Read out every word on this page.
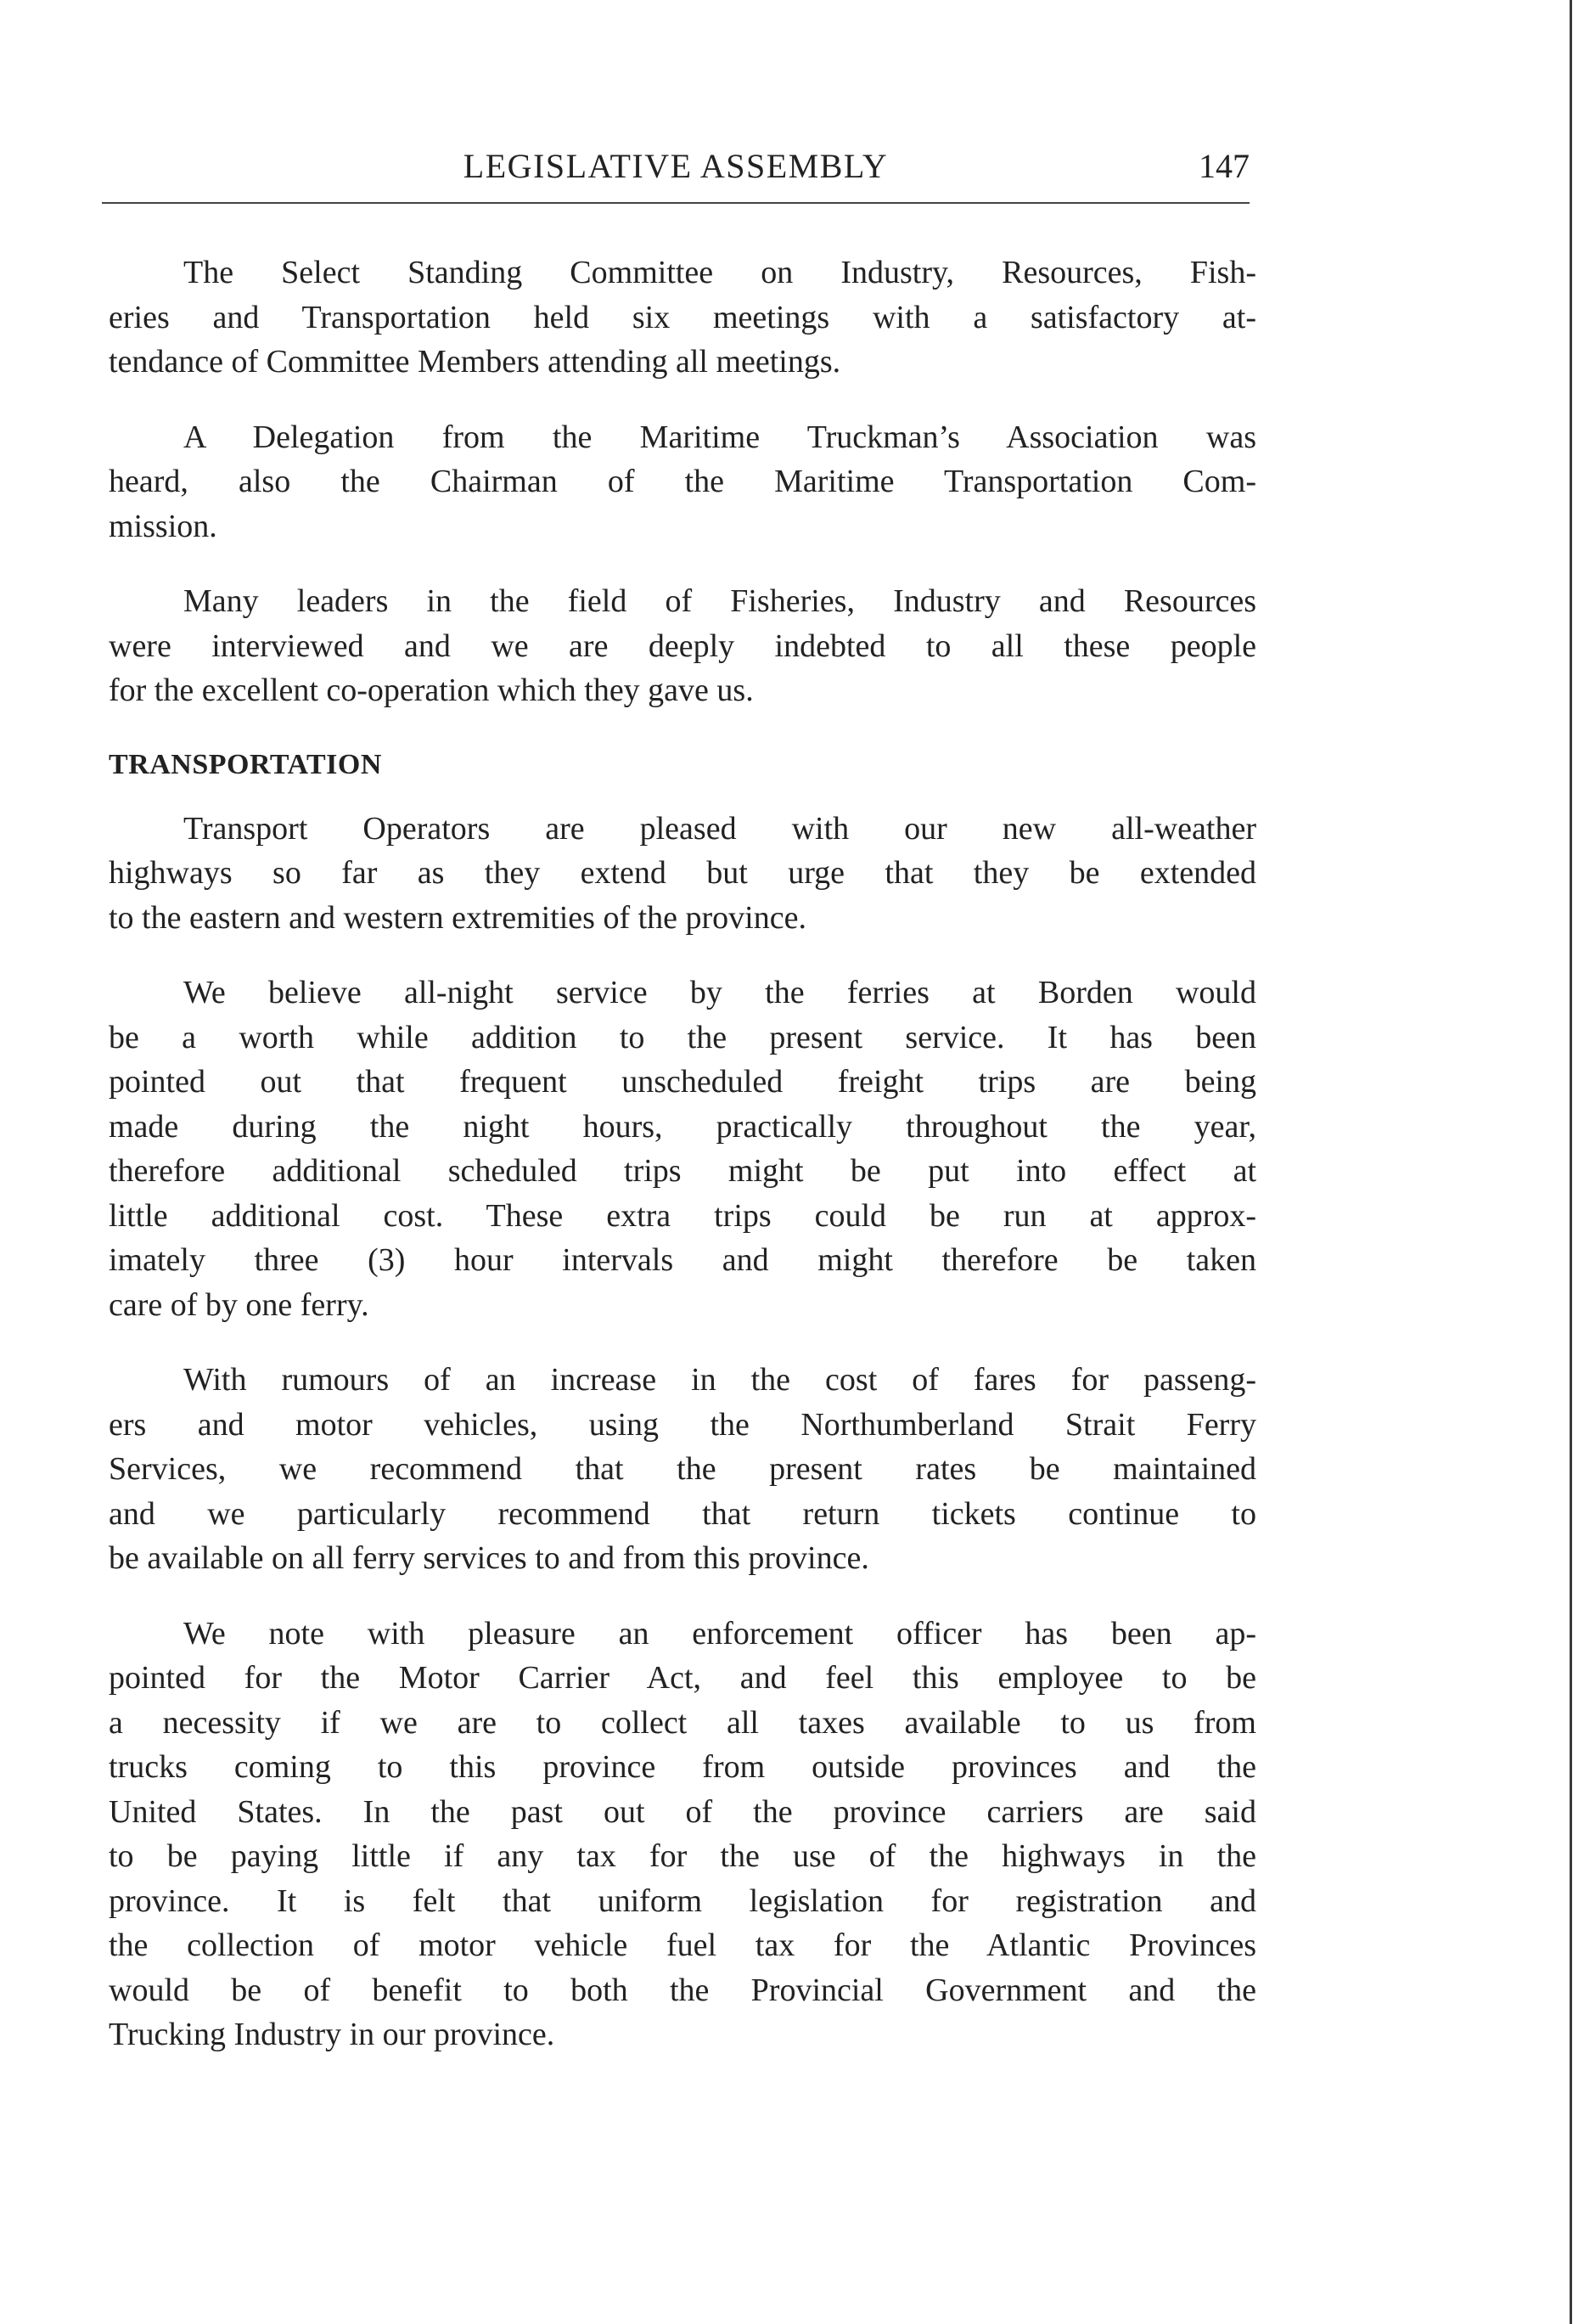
LEGISLATIVE ASSEMBLY	147
The Select Standing Committee on Industry, Resources, Fish-
eries and Transportation held six meetings with a satisfactory at-
tendance of Committee Members attending all meetings.
A Delegation from the Maritime Truckman’s Association was
heard, also the Chairman of the Maritime Transportation Com-
mission.
Many leaders in the field of Fisheries, Industry and Resources
were interviewed and we are deeply indebted to all these people
for the excellent co-operation which they gave us.
TRANSPORTATION
Transport Operators are pleased with our new all-weather
highways so far as they extend but urge that they be extended
to the eastern and western extremities of the province.
We believe all-night service by the ferries at Borden would
be a worth while addition to the present service. It has been
pointed out that frequent unscheduled freight trips are being
made during the night hours, practically throughout the year,
therefore additional scheduled trips might be put into effect at
little additional cost. These extra trips could be run at approx-
imately three (3) hour intervals and might therefore be taken
care of by one ferry.
With rumours of an increase in the cost of fares for passeng-
ers and motor vehicles, using the Northumberland Strait Ferry
Services, we recommend that the present rates be maintained
and we particularly recommend that return tickets continue to
be available on all ferry services to and from this province.
We note with pleasure an enforcement officer has been ap-
pointed for the Motor Carrier Act, and feel this employee to be
a necessity if we are to collect all taxes available to us from
trucks coming to this province from outside provinces and the
United States. In the past out of the province carriers are said
to be paying little if any tax for the use of the highways in the
province. It is felt that uniform legislation for registration and
the collection of motor vehicle fuel tax for the Atlantic Provinces
would be of benefit to both the Provincial Government and the
Trucking Industry in our province.
